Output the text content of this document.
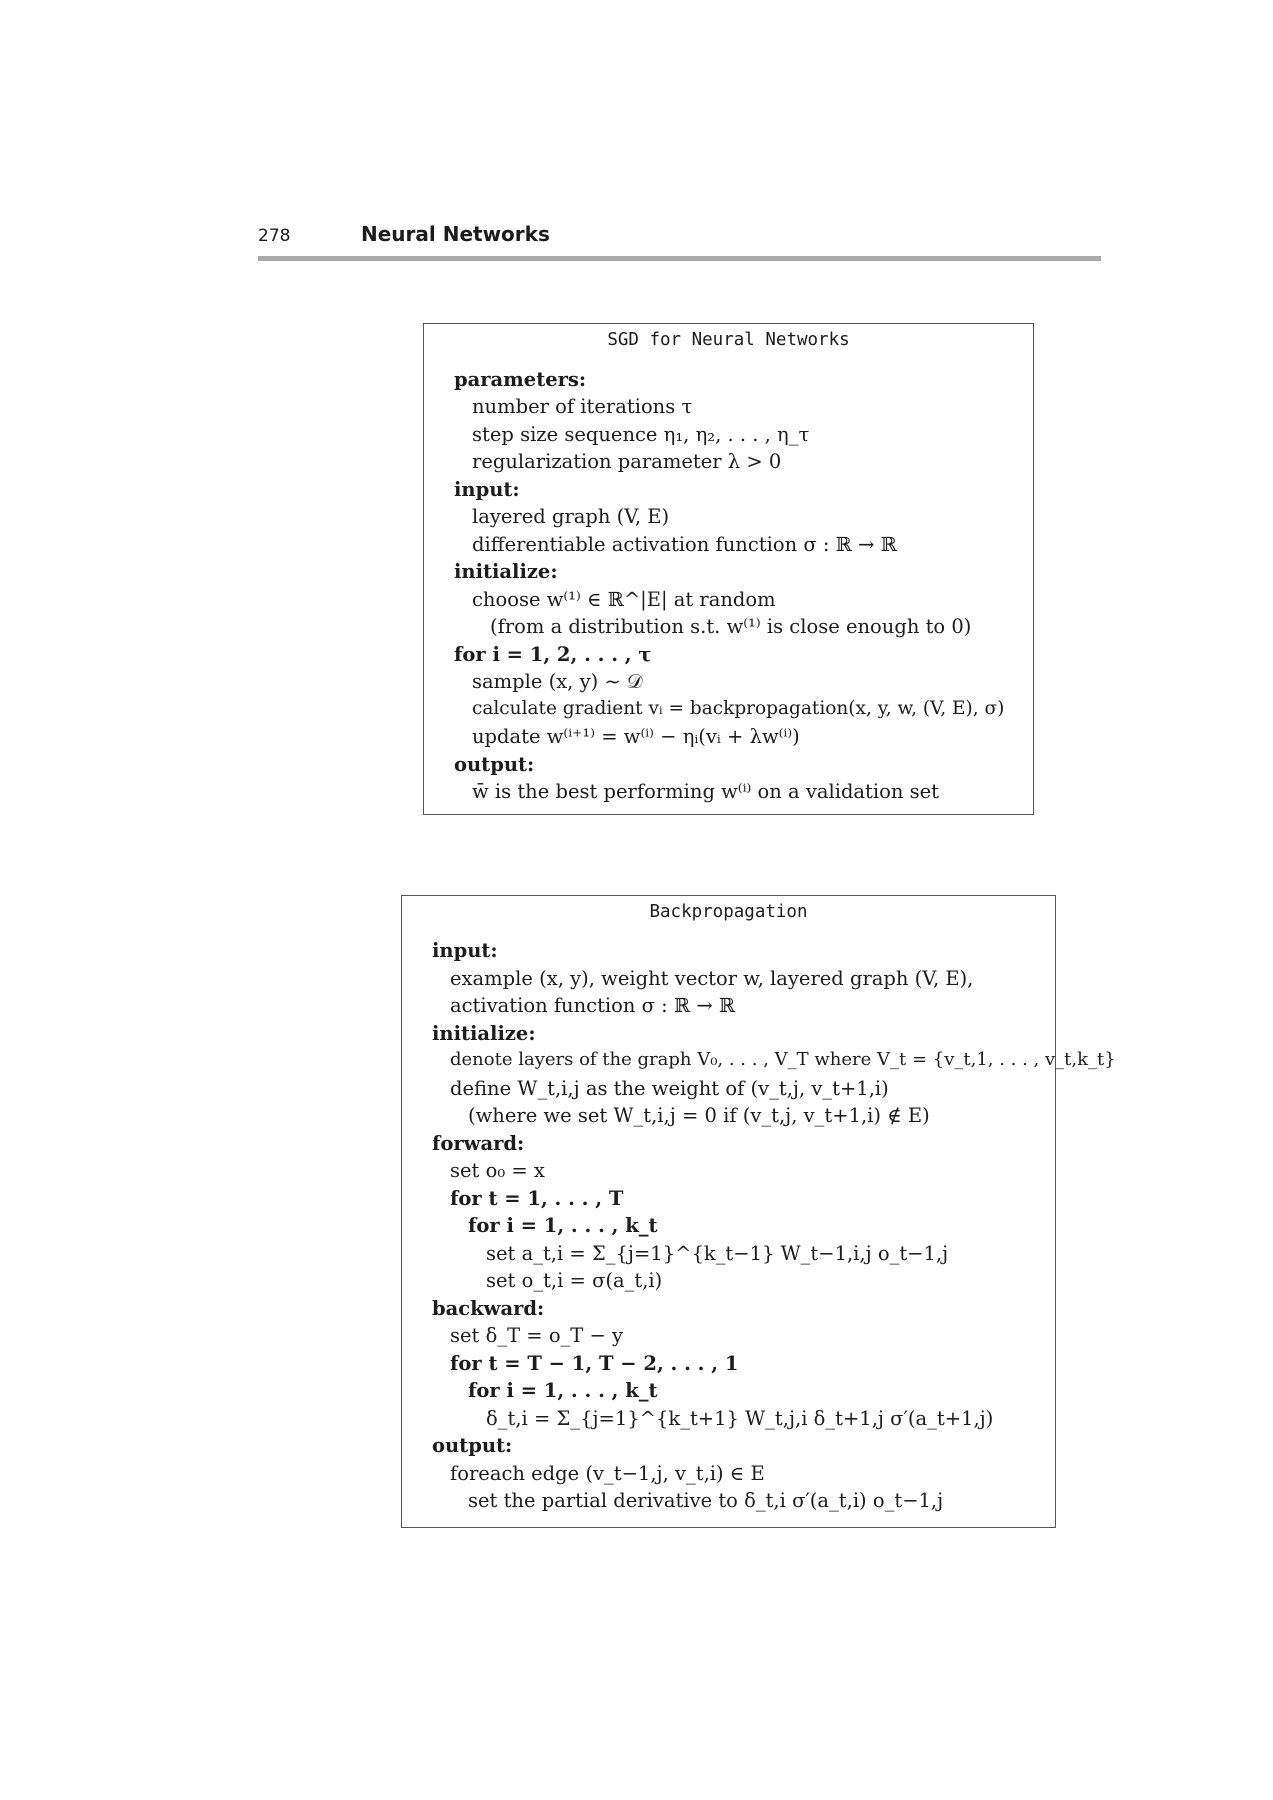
278	Neural Networks
SGD for Neural Networks
parameters:
number of iterations τ
step size sequence η₁, η₂, . . . , η_τ
regularization parameter λ > 0
input:
layered graph (V, E)
differentiable activation function σ : ℝ → ℝ
initialize:
choose w⁽¹⁾ ∈ ℝ^|E| at random
(from a distribution s.t. w⁽¹⁾ is close enough to 0)
for i = 1, 2, . . . , τ
sample (x, y) ∼ 𝒟
calculate gradient vᵢ = backpropagation(x, y, w, (V, E), σ)
update w⁽ⁱ⁺¹⁾ = w⁽ⁱ⁾ − ηᵢ(vᵢ + λw⁽ⁱ⁾)
output:
w̄ is the best performing w⁽ⁱ⁾ on a validation set
Backpropagation
input:
example (x, y), weight vector w, layered graph (V, E),
activation function σ : ℝ → ℝ
initialize:
denote layers of the graph V₀, . . . , V_T where V_t = {v_t,1, . . . , v_t,k_t}
define W_t,i,j as the weight of (v_t,j, v_t+1,i)
(where we set W_t,i,j = 0 if (v_t,j, v_t+1,i) ∉ E)
forward:
set o₀ = x
for t = 1, . . . , T
for i = 1, . . . , k_t
set a_t,i = Σ_{j=1}^{k_t−1} W_t−1,i,j o_t−1,j
set o_t,i = σ(a_t,i)
backward:
set δ_T = o_T − y
for t = T − 1, T − 2, . . . , 1
for i = 1, . . . , k_t
δ_t,i = Σ_{j=1}^{k_t+1} W_t,j,i δ_t+1,j σ′(a_t+1,j)
output:
foreach edge (v_t−1,j, v_t,i) ∈ E
set the partial derivative to δ_t,i σ′(a_t,i) o_t−1,j
